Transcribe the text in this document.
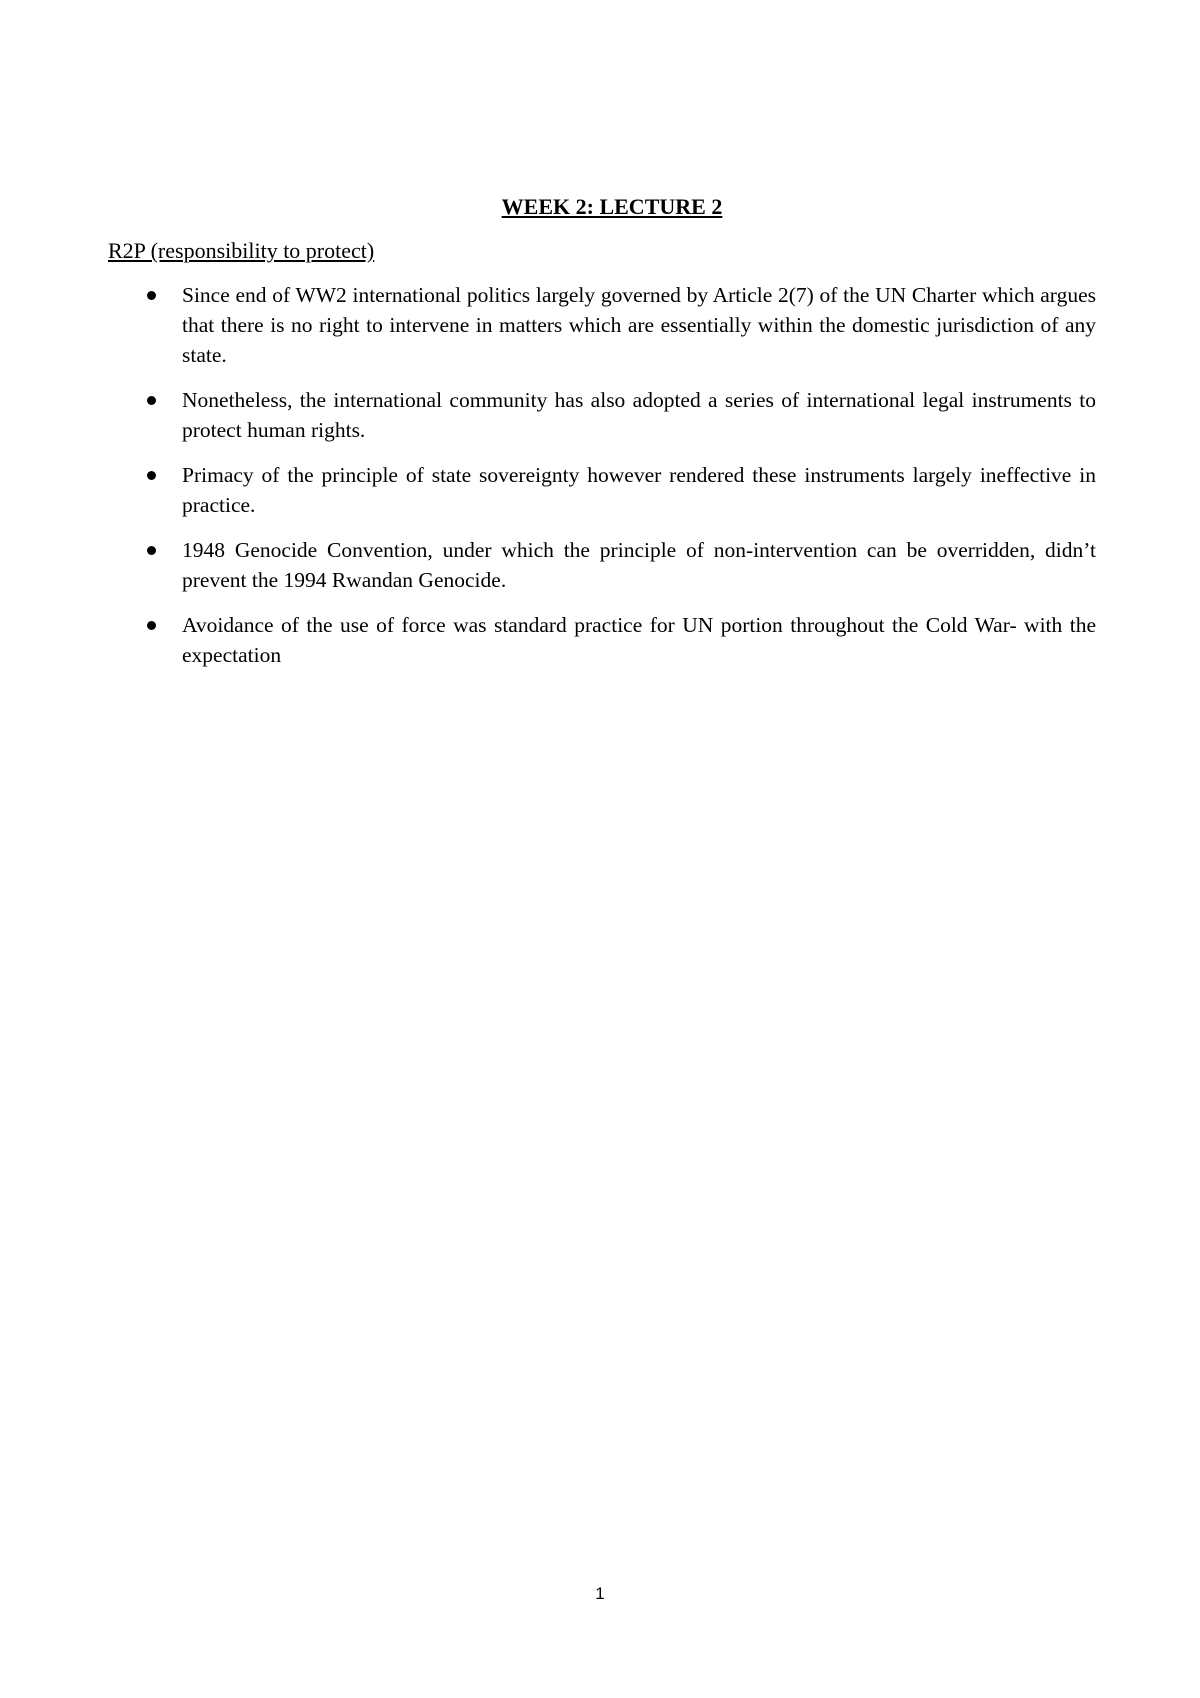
WEEK 2: LECTURE 2

R2P (responsibility to protect)

Since end of WW2 international politics largely governed by Article 2(7) of the UN Charter which argues that there is no right to intervene in matters which are essentially within the domestic jurisdiction of any state.
Nonetheless, the international community has also adopted a series of international legal instruments to protect human rights.
Primacy of the principle of state sovereignty however rendered these instruments largely ineffective in practice.
1948 Genocide Convention, under which the principle of non-intervention can be overridden, didn’t prevent the 1994 Rwandan Genocide.
Avoidance of the use of force was standard practice for UN portion throughout the Cold War- with the expectation
1
